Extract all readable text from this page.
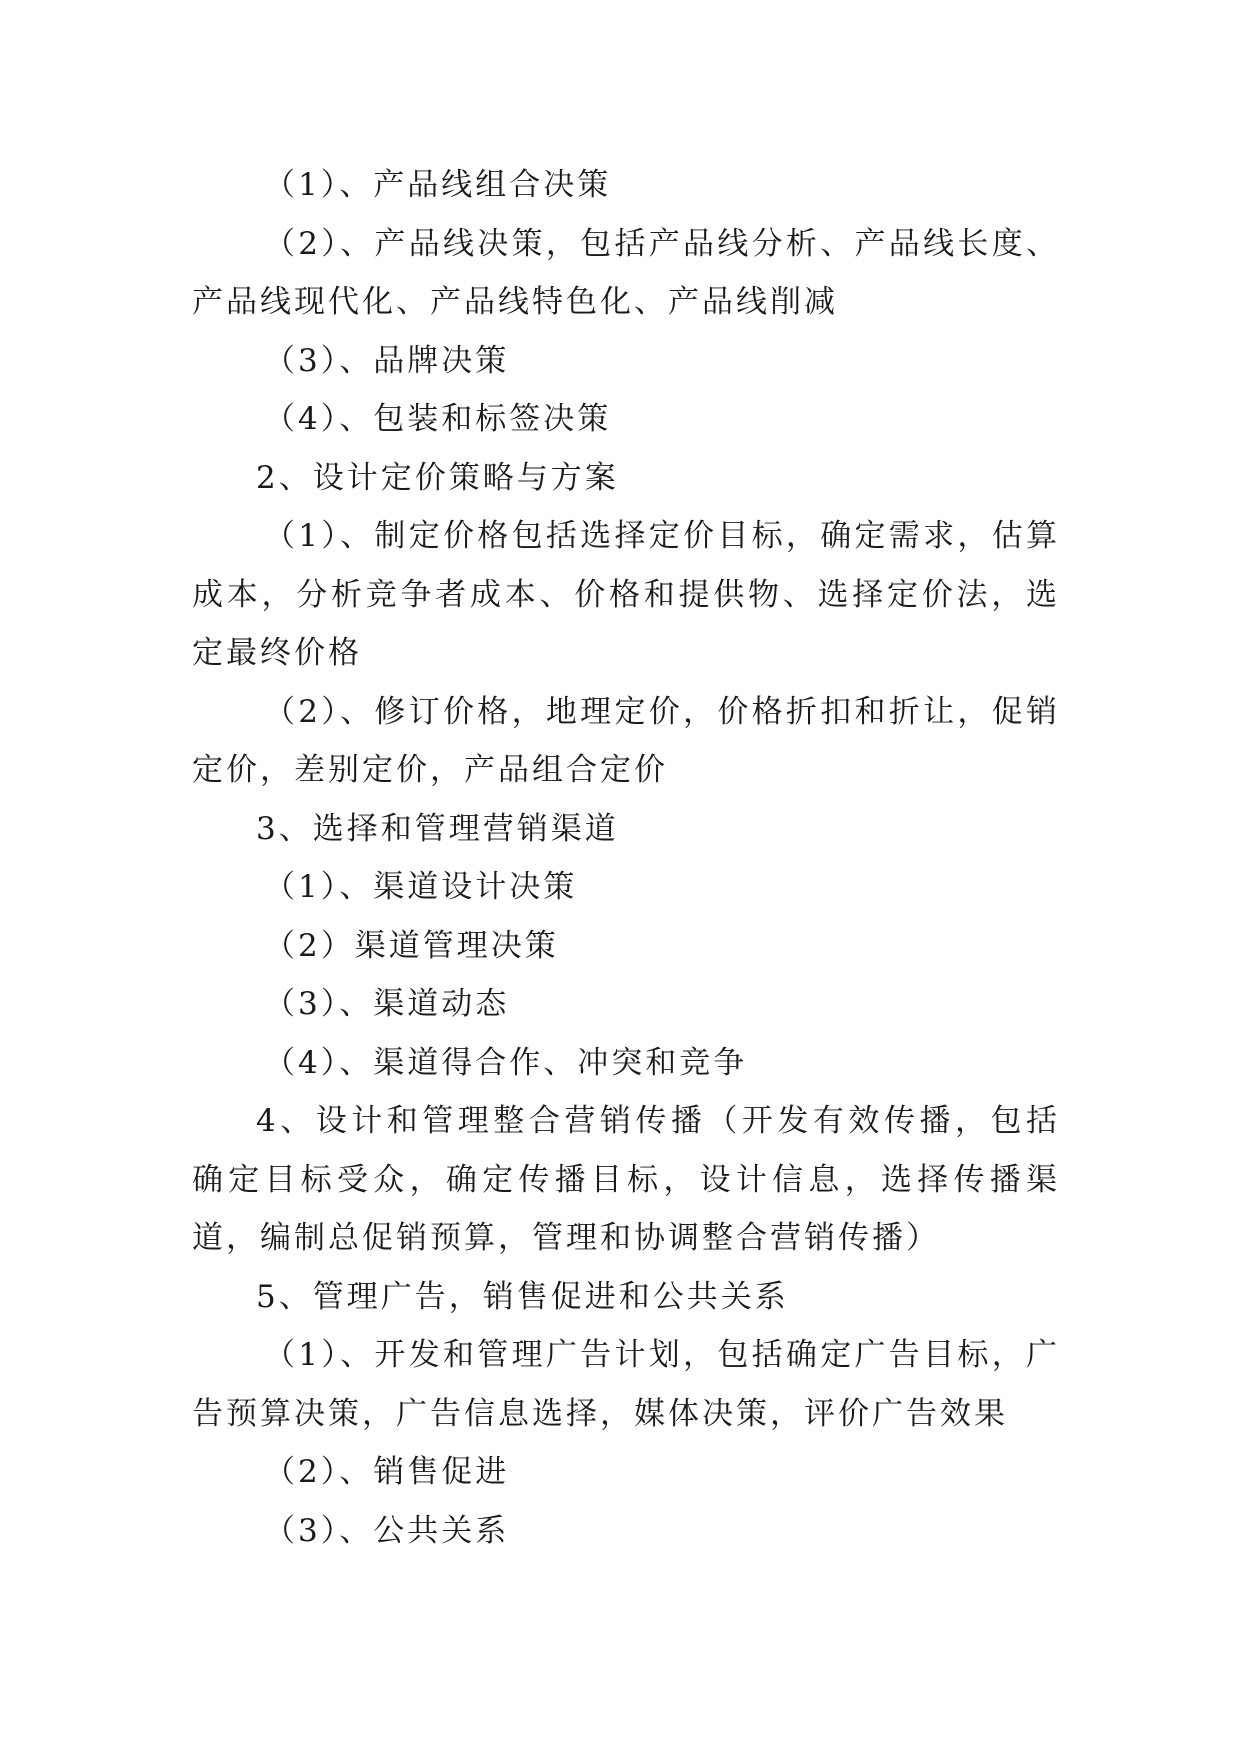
（1）、产品线组合决策

（2）、产品线决策，包括产品线分析、产品线长度、产品线现代化、产品线特色化、产品线削减

（3）、品牌决策

（4）、包装和标签决策

2、设计定价策略与方案

（1）、制定价格包括选择定价目标，确定需求，估算成本，分析竞争者成本、价格和提供物、选择定价法，选定最终价格

（2）、修订价格，地理定价，价格折扣和折让，促销定价，差别定价，产品组合定价

3、选择和管理营销渠道

（1）、渠道设计决策

（2）渠道管理决策

（3）、渠道动态

（4）、渠道得合作、冲突和竞争

4、设计和管理整合营销传播（开发有效传播，包括确定目标受众，确定传播目标，设计信息，选择传播渠道，编制总促销预算，管理和协调整合营销传播）

5、管理广告，销售促进和公共关系

（1）、开发和管理广告计划，包括确定广告目标，广告预算决策，广告信息选择，媒体决策，评价广告效果

（2）、销售促进

（3）、公共关系
